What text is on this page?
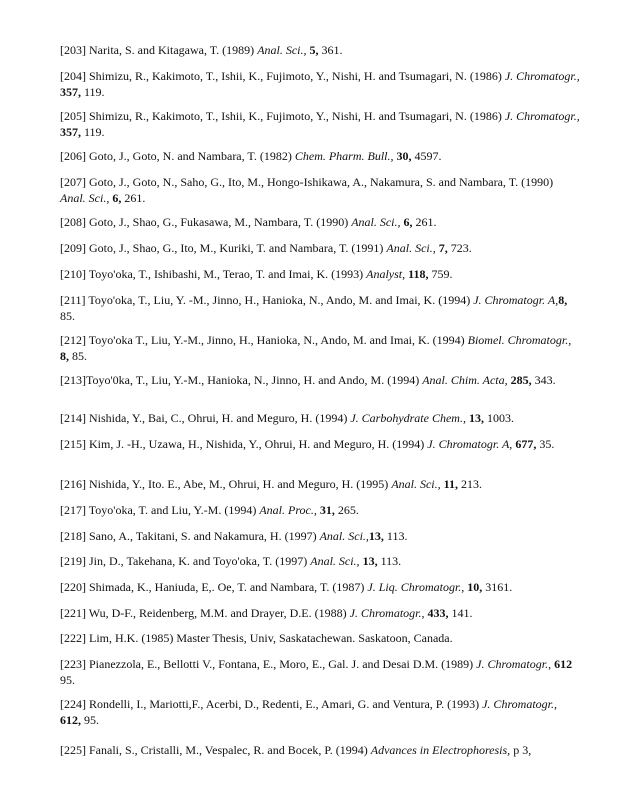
[203] Narita, S. and Kitagawa, T. (1989) Anal. Sci., 5, 361.

[204] Shimizu, R., Kakimoto, T., Ishii, K., Fujimoto, Y., Nishi, H. and Tsumagari, N. (1986) J. Chromatogr., 357, 119.

[205] Shimizu, R., Kakimoto, T., Ishii, K., Fujimoto, Y., Nishi, H. and Tsumagari, N. (1986) J. Chromatogr., 357, 119.

[206] Goto, J., Goto, N. and Nambara, T. (1982) Chem. Pharm. Bull., 30, 4597.

[207] Goto, J., Goto, N., Saho, G., Ito, M., Hongo-Ishikawa, A., Nakamura, S. and Nambara, T. (1990) Anal. Sci., 6, 261.

[208] Goto, J., Shao, G., Fukasawa, M., Nambara, T. (1990) Anal. Sci., 6, 261.

[209] Goto, J., Shao, G., Ito, M., Kuriki, T. and Nambara, T. (1991) Anal. Sci., 7, 723.

[210] Toyo'oka, T., Ishibashi, M., Terao, T. and Imai, K. (1993) Analyst, 118, 759.

[211] Toyo'oka, T., Liu, Y. -M., Jinno, H., Hanioka, N., Ando, M. and Imai, K. (1994) J. Chromatogr. A,8, 85.

[212] Toyo'oka T., Liu, Y.-M., Jinno, H., Hanioka, N., Ando, M. and Imai, K. (1994) Biomel. Chromatogr., 8, 85.

[213]Toyo'0ka, T., Liu, Y.-M., Hanioka, N., Jinno, H. and Ando, M. (1994) Anal. Chim. Acta, 285, 343.

[214] Nishida, Y., Bai, C., Ohrui, H. and Meguro, H. (1994) J. Carbohydrate Chem., 13, 1003.

[215] Kim, J. -H., Uzawa, H., Nishida, Y., Ohrui, H. and Meguro, H. (1994) J. Chromatogr. A, 677, 35.

[216] Nishida, Y., Ito. E., Abe, M., Ohrui, H. and Meguro, H. (1995) Anal. Sci., 11, 213.

[217] Toyo'oka, T. and Liu, Y.-M. (1994) Anal. Proc., 31, 265.

[218] Sano, A., Takitani, S. and Nakamura, H. (1997) Anal. Sci.,13, 113.

[219] Jin, D., Takehana, K. and Toyo'oka, T. (1997) Anal. Sci., 13, 113.

[220] Shimada, K., Haniuda, E,. Oe, T. and Nambara, T. (1987) J. Liq. Chromatogr., 10, 3161.

[221] Wu, D-F., Reidenberg, M.M. and Drayer, D.E. (1988) J. Chromatogr., 433, 141.

[222] Lim, H.K. (1985) Master Thesis, Univ, Saskatachewan. Saskatoon, Canada.

[223] Pianezzola, E., Bellotti V., Fontana, E., Moro, E., Gal. J. and Desai D.M. (1989) J. Chromatogr., 612 95.

[224] Rondelli, I., Mariotti,F., Acerbi, D., Redenti, E., Amari, G. and Ventura, P. (1993) J. Chromatogr., 612, 95.

[225] Fanali, S., Cristalli, M., Vespalec, R. and Bocek, P. (1994) Advances in Electrophoresis, p 3,
